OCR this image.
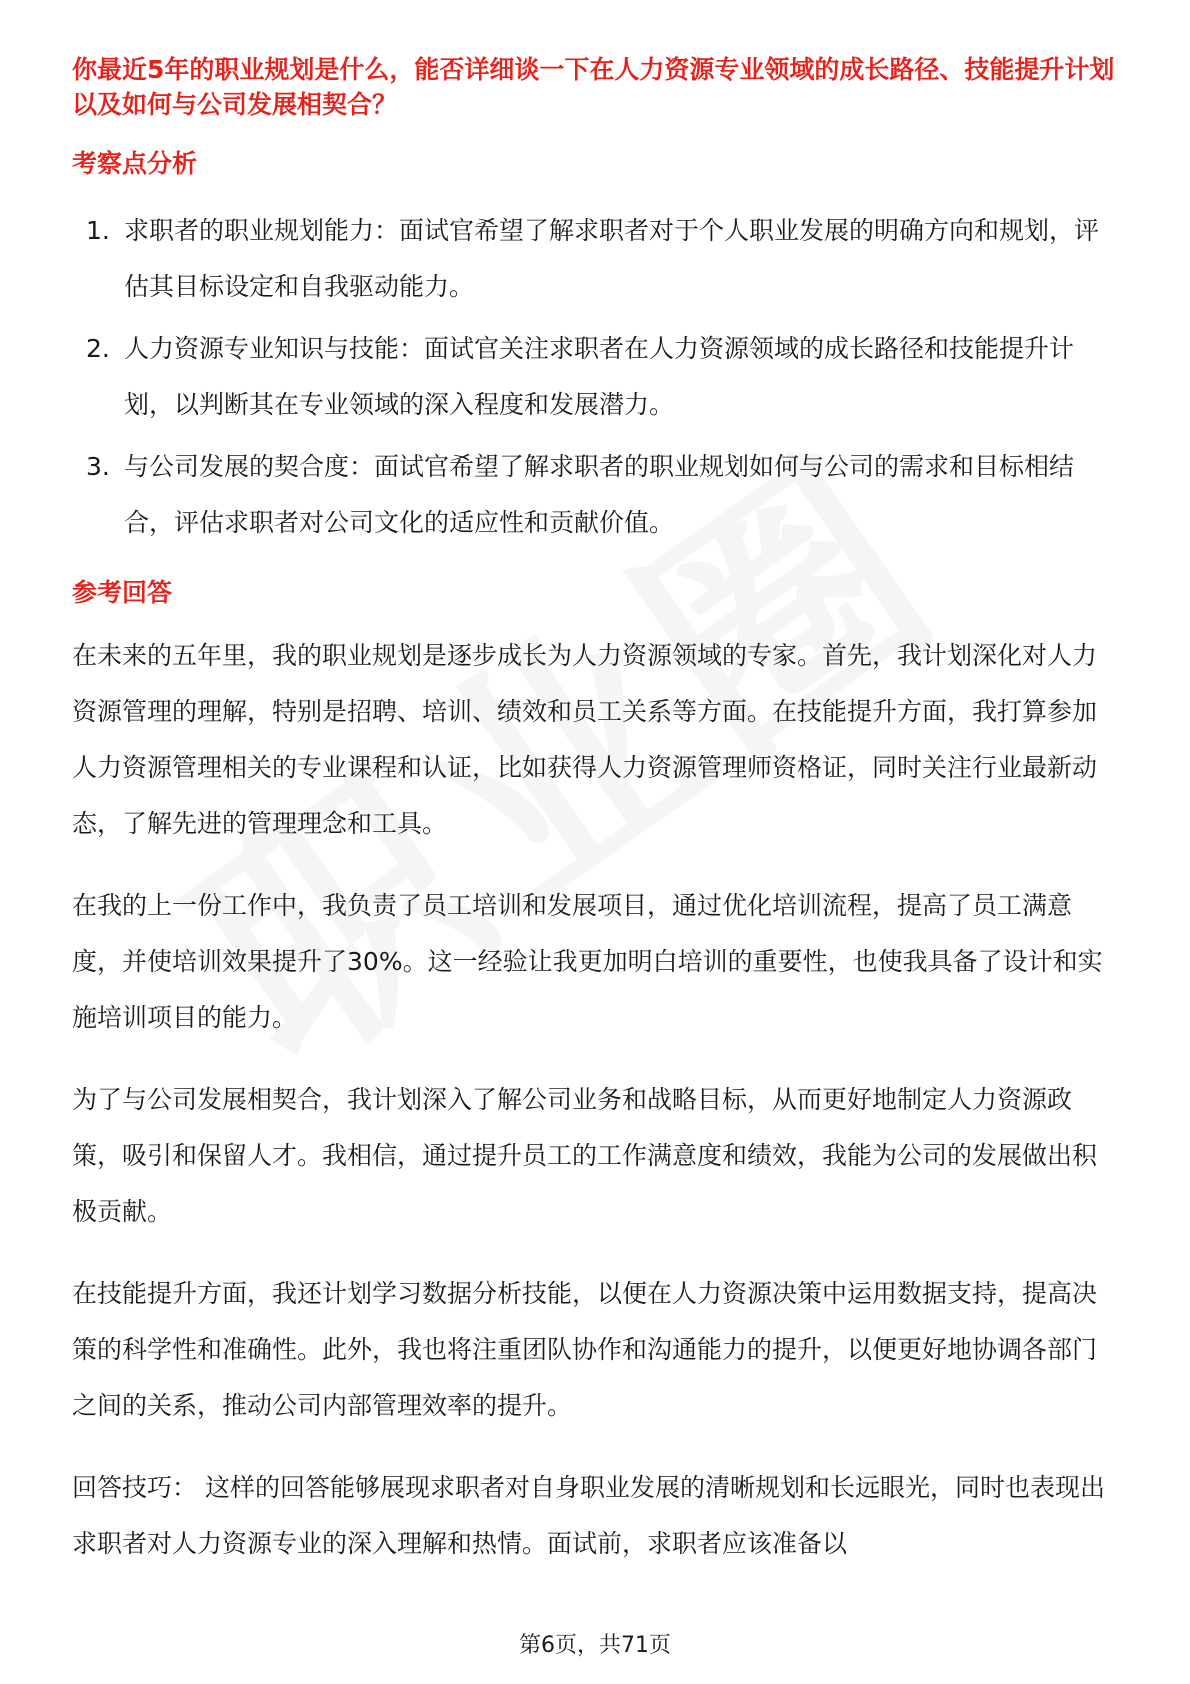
你最近5年的职业规划是什么，能否详细谈一下在人力资源专业领域的成长路径、技能提升计划以及如何与公司发展相契合？

考察点分析

1. 求职者的职业规划能力：面试官希望了解求职者对于个人职业发展的明确方向和规划，评估其目标设定和自我驱动能力。
2. 人力资源专业知识与技能：面试官关注求职者在人力资源领域的成长路径和技能提升计划，以判断其在专业领域的深入程度和发展潜力。
3. 与公司发展的契合度：面试官希望了解求职者的职业规划如何与公司的需求和目标相结合，评估求职者对公司文化的适应性和贡献价值。

参考回答

在未来的五年里，我的职业规划是逐步成长为人力资源领域的专家。首先，我计划深化对人力资源管理的理解，特别是招聘、培训、绩效和员工关系等方面。在技能提升方面，我打算参加人力资源管理相关的专业课程和认证，比如获得人力资源管理师资格证，同时关注行业最新动态，了解先进的管理理念和工具。

在我的上一份工作中，我负责了员工培训和发展项目，通过优化培训流程，提高了员工满意度，并使培训效果提升了30%。这一经验让我更加明白培训的重要性，也使我具备了设计和实施培训项目的能力。

为了与公司发展相契合，我计划深入了解公司业务和战略目标，从而更好地制定人力资源政策，吸引和保留人才。我相信，通过提升员工的工作满意度和绩效，我能为公司的发展做出积极贡献。

在技能提升方面，我还计划学习数据分析技能，以便在人力资源决策中运用数据支持，提高决策的科学性和准确性。此外，我也将注重团队协作和沟通能力的提升，以便更好地协调各部门之间的关系，推动公司内部管理效率的提升。

回答技巧： 这样的回答能够展现求职者对自身职业发展的清晰规划和长远眼光，同时也表现出求职者对人力资源专业的深入理解和热情。面试前，求职者应该准备以

第6页，共71页
